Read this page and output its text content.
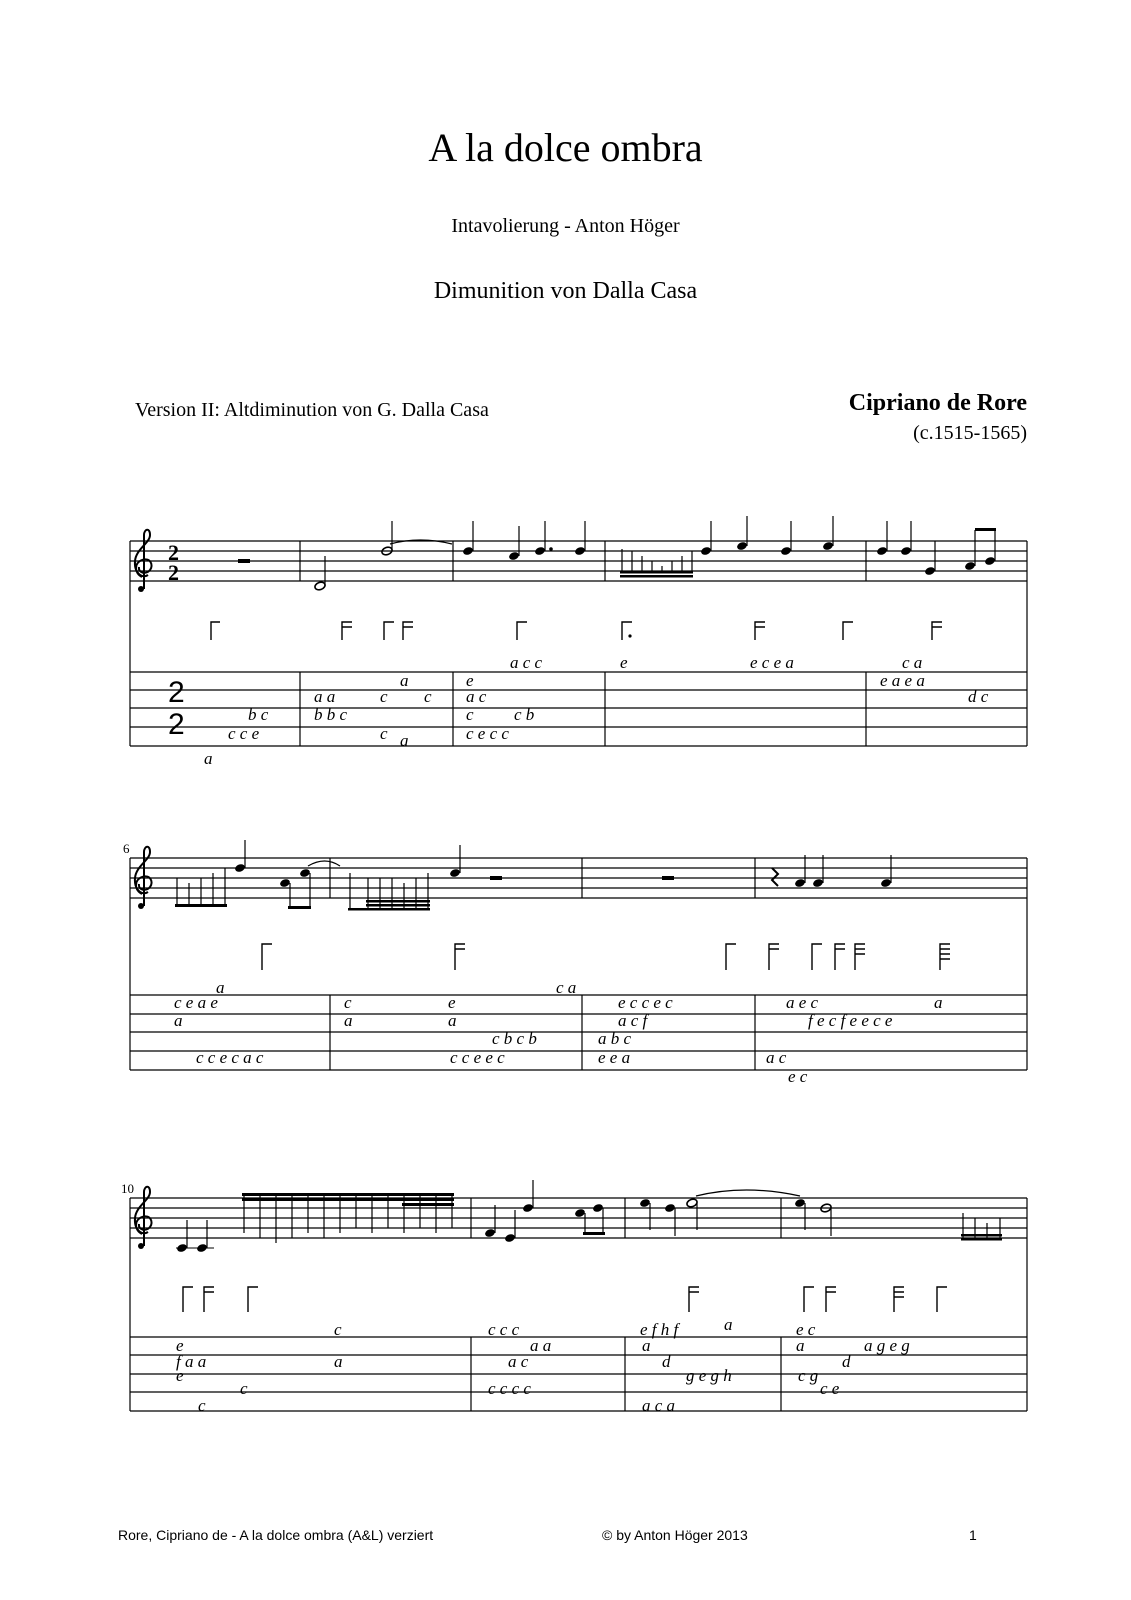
A la dolce ombra
Intavolierung - Anton Höger
Dimunition von Dalla Casa
Version II: Altdiminution von G. Dalla Casa	Cipriano de Rore
(c.1515-1565)
2
2
2
2
6
10
a c c	e	e c e a	c a
a	e	e a e a
a a	c c a c	d c
b c	b b c	c c b
c c e	c	c e c c
a
a
a
c e a e	c	e
c a
e c c e c	a e c	a
a	a	a	a c f	f e c f e e c e
c b c b	a b c
c c e c a c	c c e e c	e e a	a c
e c
e
c	c c c	a
e f h f	e c
a g e g
f a a	a
a a
a c
a	a
e
d	d
c	c c c c
g e g h	c g
c	a c a
c e
Rore, Cipriano de - A la dolce ombra (A&L) verziert	© by Anton Höger 2013	1
